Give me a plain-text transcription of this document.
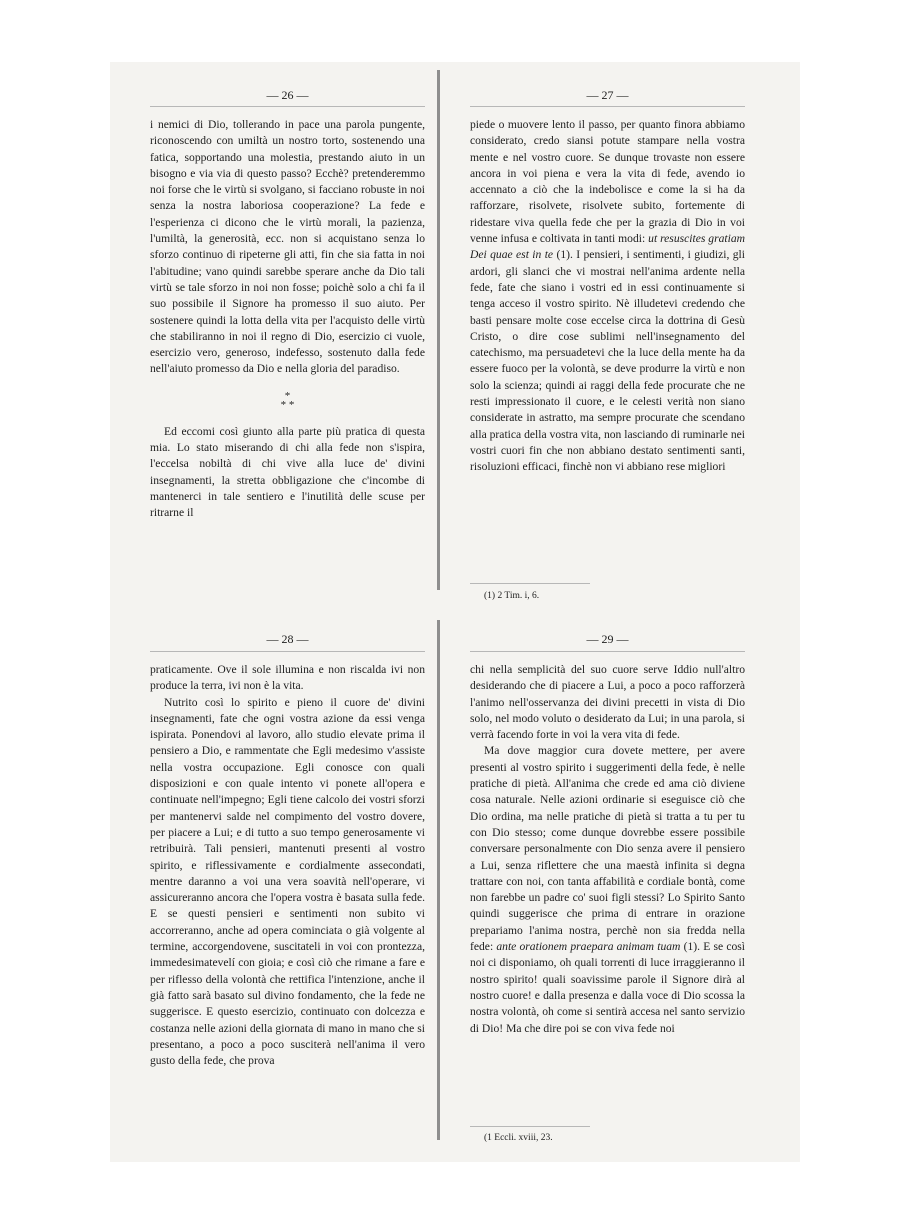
— 26 —

i nemici di Dio, tollerando in pace una parola pungente, riconoscendo con umiltà un nostro torto, sostenendo una fatica, sopportando una molestia, prestando aiuto in un bisogno e via via di questo passo? Ecchè? pretenderemmo noi forse che le virtù si svolgano, si facciano robuste in noi senza la nostra laboriosa cooperazione? La fede e l'esperienza ci dicono che le virtù morali, la pazienza, l'umiltà, la generosità, ecc. non si acquistano senza lo sforzo continuo di ripeterne gli atti, fin che sia fatta in noi l'abitudine; vano quindi sarebbe sperare anche da Dio tali virtù se tale sforzo in noi non fosse; poichè solo a chi fa il suo possibile il Signore ha promesso il suo aiuto. Per sostenere quindi la lotta della vita per l'acquisto delle virtù che stabiliranno in noi il regno di Dio, esercizio ci vuole, esercizio vero, generoso, indefesso, sostenuto dalla fede nell'aiuto promesso da Dio e nella gloria del paradiso.

*
* *

Ed eccomi così giunto alla parte più pratica di questa mia. Lo stato miserando di chi alla fede non s'ispira, l'eccelsa nobiltà di chi vive alla luce de' divini insegnamenti, la stretta obbligazione che c'incombe di mantenerci in tale sentiero e l'inutilità delle scuse per ritrarne il

— 27 —

piede o muovere lento il passo, per quanto finora abbiamo considerato, credo siansi potute stampare nella vostra mente e nel vostro cuore. Se dunque trovaste non essere ancora in voi piena e vera la vita di fede, avendo io accennato a ciò che la indebolisce e come la si ha da rafforzare, risolvete, risolvete subito, fortemente di ridestare viva quella fede che per la grazia di Dio in voi venne infusa e coltivata in tanti modi: ut resuscites gratiam Dei quae est in te (1). I pensieri, i sentimenti, i giudizi, gli ardori, gli slanci che vi mostrai nell'anima ardente nella fede, fate che siano i vostri ed in essi continuamente si tenga acceso il vostro spirito. Nè illudetevi credendo che basti pensare molte cose eccelse circa la dottrina di Gesù Cristo, o dire cose sublimi nell'insegnamento del catechismo, ma persuadetevi che la luce della mente ha da essere fuoco per la volontà, se deve produrre la virtù e non solo la scienza; quindi ai raggi della fede procurate che ne resti impressionato il cuore, e le celesti verità non siano considerate in astratto, ma sempre procurate che scendano alla pratica della vostra vita, non lasciando di ruminarle nei vostri cuori fin che non abbiano destato sentimenti santi, risoluzioni efficaci, finchè non vi abbiano rese migliori

(1) 2 Tim. i, 6.
— 28 —

praticamente. Ove il sole illumina e non riscalda ivi non produce la terra, ivi non è la vita.

Nutrito così lo spirito e pieno il cuore de' divini insegnamenti, fate che ogni vostra azione da essi venga ispirata. Ponendovi al lavoro, allo studio elevate prima il pensiero a Dio, e rammentate che Egli medesimo v'assiste nella vostra occupazione. Egli conosce con quali disposizioni e con quale intento vi ponete all'opera e continuate nell'impegno; Egli tiene calcolo dei vostri sforzi per mantenervi salde nel compimento del vostro dovere, per piacere a Lui; e di tutto a suo tempo generosamente vi retribuirà. Tali pensieri, mantenuti presenti al vostro spirito, e riflessivamente e cordialmente assecondati, mentre daranno a voi una vera soavità nell'operare, vi assicureranno ancora che l'opera vostra è basata sulla fede. E se questi pensieri e sentimenti non subito vi accorreranno, anche ad opera cominciata o già volgente al termine, accorgendovene, suscitateli in voi con prontezza, immedesimatevelí con gioia; e così ciò che rimane a fare e per riflesso della volontà che rettifica l'intenzione, anche il già fatto sarà basato sul divino fondamento, che la fede ne suggerisce. E questo esercizio, continuato con dolcezza e costanza nelle azioni della giornata di mano in mano che si presentano, a poco a poco susciterà nell'anima il vero gusto della fede, che prova

— 29 —

chi nella semplicità del suo cuore serve Iddio null'altro desiderando che di piacere a Lui, a poco a poco rafforzerà l'animo nell'osservanza dei divini precetti in vista di Dio solo, nel modo voluto o desiderato da Lui; in una parola, si verrà facendo forte in voi la vera vita di fede.

Ma dove maggior cura dovete mettere, per avere presenti al vostro spirito i suggerimenti della fede, è nelle pratiche di pietà. All'anima che crede ed ama ciò diviene cosa naturale. Nelle azioni ordinarie si eseguisce ciò che Dio ordina, ma nelle pratiche di pietà si tratta a tu per tu con Dio stesso; come dunque dovrebbe essere possibile conversare personalmente con Dio senza avere il pensiero a Lui, senza riflettere che una maestà infinita si degna trattare con noi, con tanta affabilità e cordiale bontà, come non farebbe un padre co' suoi figli stessi? Lo Spirito Santo quindi suggerisce che prima di entrare in orazione prepariamo l'anima nostra, perchè non sia fredda nella fede: ante orationem praepara animam tuam (1). E se così noi ci disponiamo, oh quali torrenti di luce irraggieranno il nostro spirito! quali soavissime parole il Signore dirà al nostro cuore! e dalla presenza e dalla voce di Dio scossa la nostra volontà, oh come si sentirà accesa nel santo servizio di Dio! Ma che dire poi se con viva fede noi

(1 Eccli. xviii, 23.
